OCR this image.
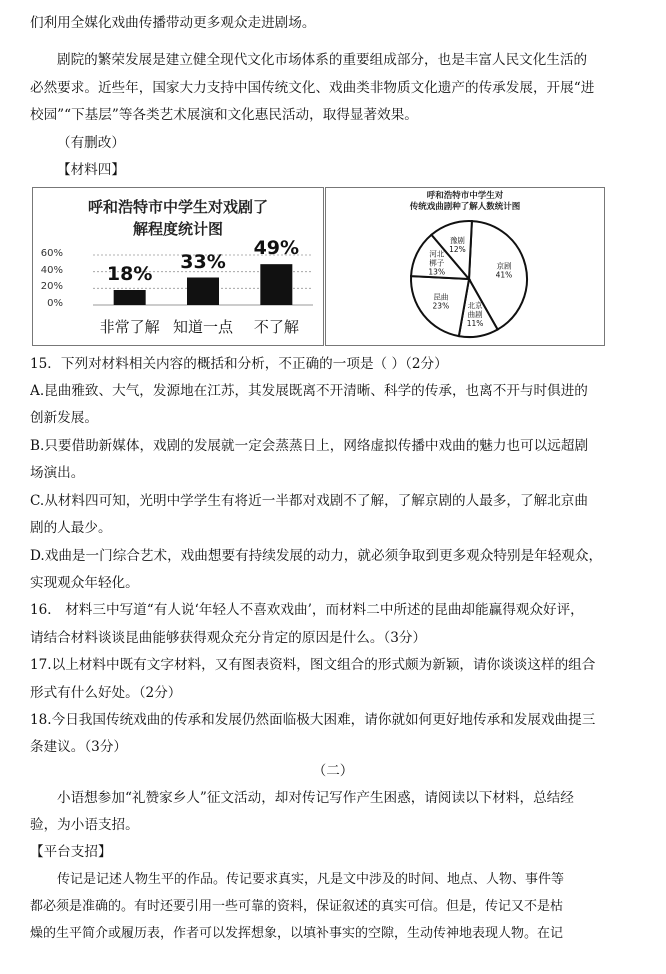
们利用全媒化戏曲传播带动更多观众走进剧场。
剧院的繁荣发展是建立健全现代文化市场体系的重要组成部分，也是丰富人民文化生活的
必然要求。近些年，国家大力支持中国传统文化、戏曲类非物质文化遗产的传承发展，开展“进
校园”“下基层”等各类艺术展演和文化惠民活动，取得显著效果。
（有删改）
【材料四】
呼和浩特市中学生对戏剧了
解程度统计图
60%
40%
20%
0%
18%
非常了解
33%
知道一点
49%
不了解
呼和浩特市中学生对
传统戏曲剧种了解人数统计图
京剧 41%
北京曲剧 11%
昆曲 23%
河北梆子 13%
豫剧 12%
15．下列对材料相关内容的概括和分析，不正确的一项是（ ）（2分）
A.昆曲雅致、大气，发源地在江苏，其发展既离不开清晰、科学的传承，也离不开与时俱进的
创新发展。
B.只要借助新媒体，戏剧的发展就一定会蒸蒸日上，网络虚拟传播中戏曲的魅力也可以远超剧
场演出。
C.从材料四可知，光明中学学生有将近一半都对戏剧不了解，了解京剧的人最多，了解北京曲
剧的人最少。
D.戏曲是一门综合艺术，戏曲想要有持续发展的动力，就必须争取到更多观众特别是年轻观众，
实现观众年轻化。
16． 材料三中写道“有人说‘年轻人不喜欢戏曲’，而材料二中所述的昆曲却能赢得观众好评，
请结合材料谈谈昆曲能够获得观众充分肯定的原因是什么。（3分）
17.以上材料中既有文字材料，又有图表资料，图文组合的形式颇为新颖，请你谈谈这样的组合
形式有什么好处。（2分）
18.今日我国传统戏曲的传承和发展仍然面临极大困难，请你就如何更好地传承和发展戏曲提三
条建议。（3分）
（二）
小语想参加“礼赞家乡人”征文活动，却对传记写作产生困惑，请阅读以下材料，总结经
验，为小语支招。
【平台支招】
传记是记述人物生平的作品。传记要求真实，凡是文中涉及的时间、地点、人物、事件等
都必须是准确的。有时还要引用一些可靠的资料，保证叙述的真实可信。但是，传记又不是枯
燥的生平简介或履历表，作者可以发挥想象，以填补事实的空隙，生动传神地表现人物。在记
